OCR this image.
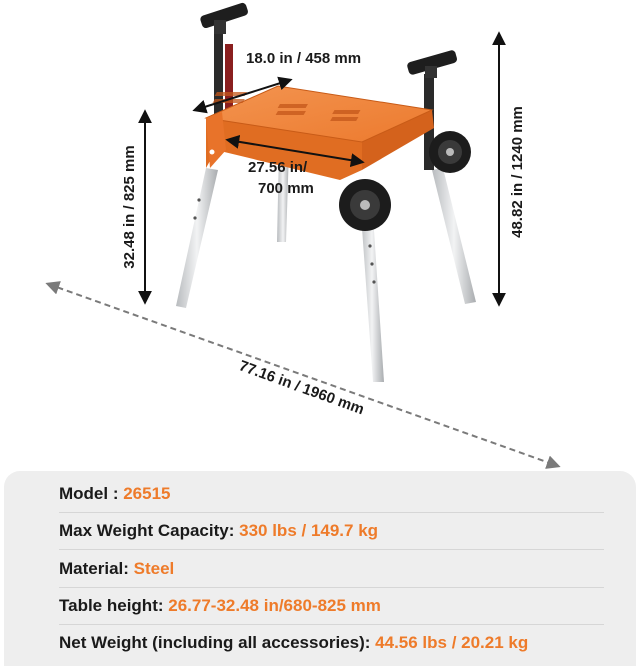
18.0 in / 458 mm
27.56 in/
700 mm
32.48 in / 825 mm	48.82 in / 1240 mm
77.16 in / 1960 mm
Model : 26515
Max Weight Capacity: 330 lbs / 149.7 kg
Material: Steel
Table height: 26.77-32.48 in/680-825 mm
Net Weight (including all accessories): 44.56 lbs / 20.21 kg
